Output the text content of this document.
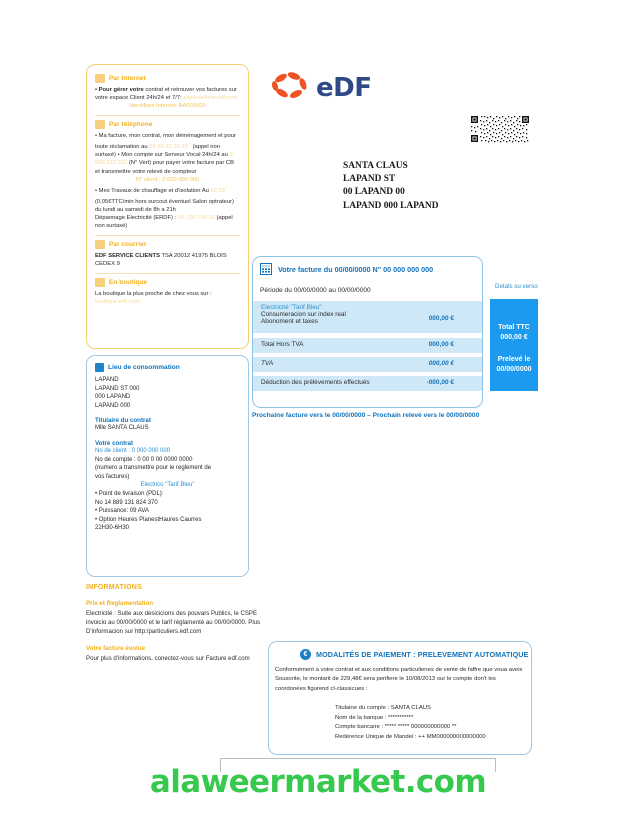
Par Internet
• Pour gérer votre contrat et retrouver vos factures sur votre espace Client 24h/24 et 7/7: espaceclient.edf.com
Identifiant Internet: AA000000
Par téléphone
• Ma facture, mon contrat, mon déménagement et pour toute réclamation au 09 69 32 15 15** (appel non surtaxé) • Mon compte sur Serveur Vocal 24h/24 au 0 800 123 333 (N° Vert) pour payer votre facture par CB et transmettre votre relevé de compteur
N° client : 0 000 000 000
• Mes Travaux de chauffage et d'isolation Au 32 29** (0,05€TTC/min hors surcout éventuel Salon optrateur) ** du lundi au samedi de 8h a 21h
Dépannage Electricité (ERDF) : 09 726 750 16 (appel non surtaxé)
Par courrier
EDF SERVICE CLIENTS TSA 20012 41975 BLOIS CEDEX 9
En boutique
La boutique la plus proche de chez vous sur : boutique.edf.com
Lieu de consommation
LAPAND
LAPAND ST 000
000 LAPAND
LAPAND 000
Titulaire du contrat
Mlle SANTA CLAUS
Votre contrat
No de client : 0 000 000 000
No de compte : 0 00 0 00 0000 0000
(numero a transmettre pour le reglement de
vos factures)
Electrico "Tarif Bleu"
• Point de livraison (PDL):
No 14 889 131 824 370
• Puissance: 09 AVA
• Option Heures PlanestHaures Caurres
22H30-6H30
INFORMATIONS
Prix et Reglamentation
Electricité : Suite aux desicicions des pouvars Publics, le CSPE invoicio au 00/00/0000 et le tarif réglamenté au 00/00/0000. Plus D'informacion sur http:/particuliers.edf.com
Votre facture évolue
Pour plus d'informations, conectez-vous sur Facture edf.com
eDF
SANTA CLAUS
LAPAND ST
00 LAPAND 00
LAPAND 000 LAPAND
Votre facture du 00/00/0000 N" 00 000 000 000
Période du 00/00/0000 au 00/00/0000
Electricité "Tarif Bleu"
Consumeracion sur index real
Abonoment et taxes	000,00 €
Total Hors TVA	000,00 €
TVA	000,00 €
Déduction des prélèvements effectués	-000,00 €
Detals su verso
Total TTC
000,00 €
Prelevé le
00/00/0000
Prochaine facture vers le 00/00/0000 – Prochain relevé vers le 00/00/0000
€
MODALITÉS DE PAIEMENT : PRELEVEMENT AUTOMATIQUE
Conformément a votre contrat et aux conditions particulienes de vente de faffre que voua aveix Sousorite, le montarit de 229,48€ sera perifiere le 10/08/2013 our le compte don't les coordonées figurend cI-classicues :
Titulaine du comple : SANTA CLAUS
Nom de la banque : ***********
Compte bancaire : ***** ***** 000000000000 **
Redérence Unique de Mandei : ++ MM000000000000000
alaweermarket.com
